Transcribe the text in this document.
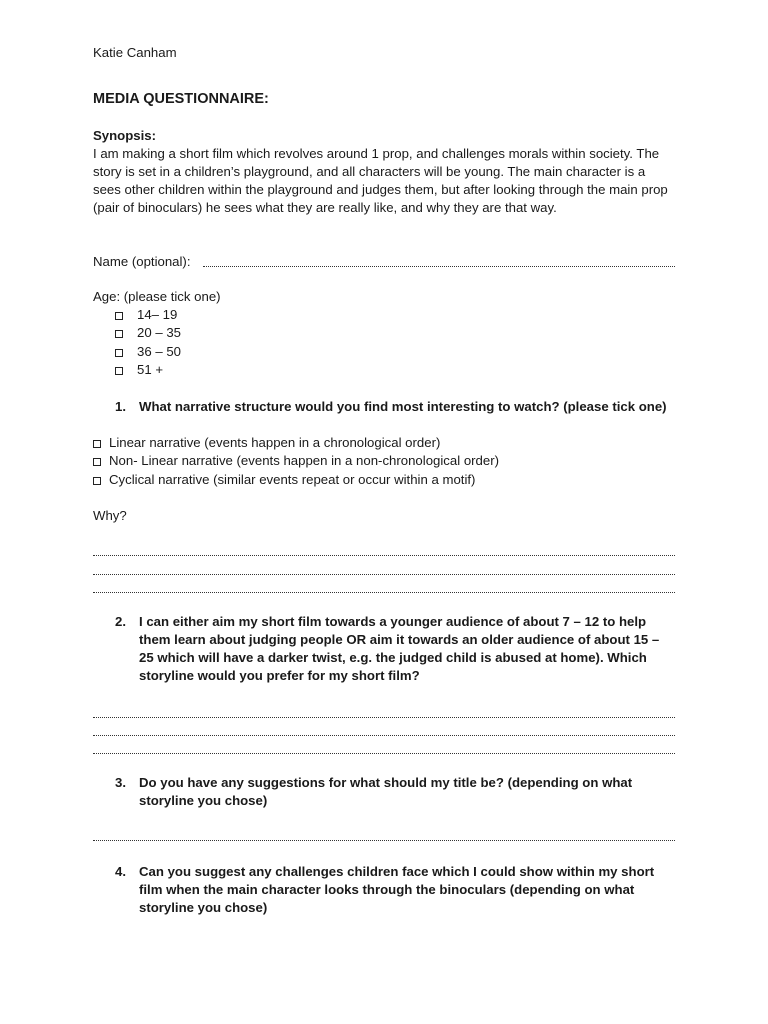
Katie Canham
MEDIA QUESTIONNAIRE:
Synopsis:
I am making a short film which revolves around 1 prop, and challenges morals within society. The story is set in a children’s playground, and all characters will be young. The main character is a sees other children within the playground and judges them, but after looking through the main prop (pair of binoculars) he sees what they are really like, and why they are that way.
Name (optional):
Age: (please tick one)
14– 19
20 – 35
36 – 50
51 +
1. What narrative structure would you find most interesting to watch? (please tick one)
Linear narrative (events happen in a chronological order)
Non- Linear narrative (events happen in a non-chronological order)
Cyclical narrative (similar events repeat or occur within a motif)
Why?
2. I can either aim my short film towards a younger audience of about 7 – 12 to help them learn about judging people OR aim it towards an older audience of about 15 – 25 which will have a darker twist, e.g. the judged child is abused at home). Which storyline would you prefer for my short film?
3. Do you have any suggestions for what should my title be? (depending on what storyline you chose)
4. Can you suggest any challenges children face which I could show within my short film when the main character looks through the binoculars (depending on what storyline you chose)
